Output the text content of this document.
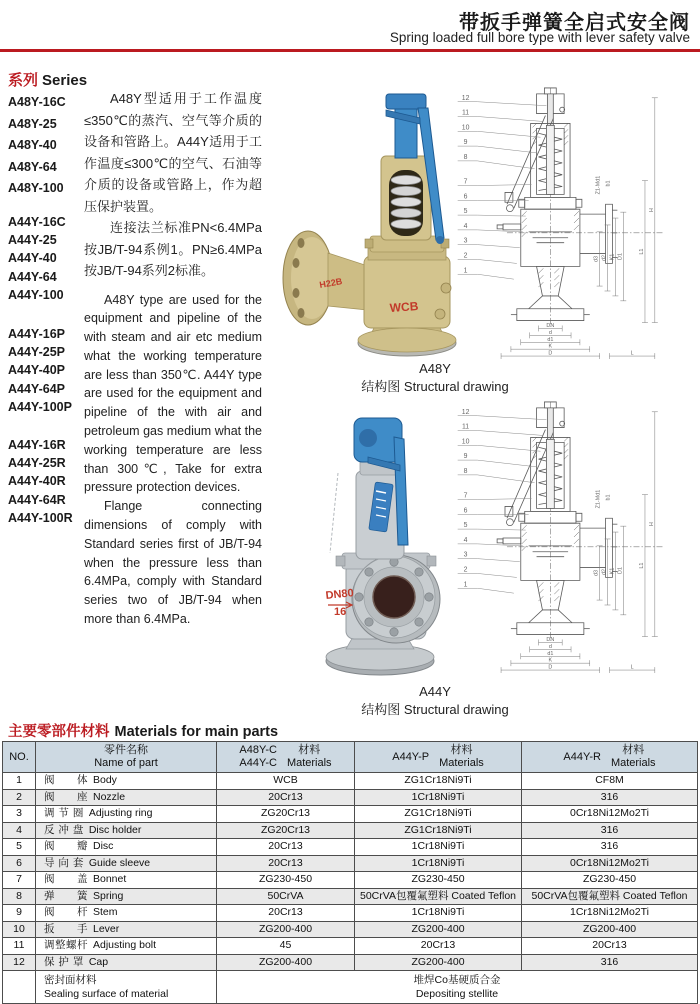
带扳手弹簧全启式安全阀
Spring loaded full bore type with lever safety valve
系列 Series
A48Y-16C
A48Y-25
A48Y-40
A48Y-64
A48Y-100
A44Y-16C
A44Y-25
A44Y-40
A44Y-64
A44Y-100
A44Y-16P
A44Y-25P
A44Y-40P
A44Y-64P
A44Y-100P
A44Y-16R
A44Y-25R
A44Y-40R
A44Y-64R
A44Y-100R

A48Y型适用于工作温度≤350℃的蒸汽、空气等介质的设备和管路上。A44Y适用于工作温度≤300℃的空气、石油等介质的设备或管路上，作为超压保护装置。

连接法兰标准PN<6.4MPa按JB/T-94系例1。PN≥6.4MPa按JB/T-94系列2标准。

A48Y type are used for the equipment and pipeline of the with steam and air etc medium what the working temperature are less than 350℃. A44Y type are used for the equipment and pipeline of the with air and petroleum gas medium what the working temperature are less than 300℃, Take for extra pressure protection devices.

Flange connecting dimensions of comply with Standard series first of JB/T-94 when the pressure less than 6.4MPa, comply with Standard series two of JB/T-94 when more than 6.4MPa.

H22B
WCB
12
11
10
9
8
7
6
5
4
3
2
1
d3 d2 K1 D1
L1
H
DN
d
d1
K
D	L
Z1-Md1 b1
A48Y
结构图 Structural drawing
DN80
16
12
11
10
9
8
7
6
5
4
3
2
1
d3 d2 K1 D1
L1
H
DN
d
d1
K
D	L
Z1-Md1 b1
A44Y
结构图 Structural drawing
主要零部件材料 Materials for main parts
NO.	
零件名称
Name of part

A48Y-C
A44Y-C
材料
Materials

A44Y-P
材料
Materials

A44Y-R
材料
Materials

1	阀　　体 Body	WCB	ZG1Cr18Ni9Ti	CF8M
2	阀　　座 Nozzle	20Cr13	1Cr18Ni9Ti	316
3	调 节 圈 Adjusting ring	ZG20Cr13	ZG1Cr18Ni9Ti	0Cr18Ni12Mo2Ti
4	反 冲 盘 Disc holder	ZG20Cr13	ZG1Cr18Ni9Ti	316
5	阀　　瓣 Disc	20Cr13	1Cr18Ni9Ti	316
6	导 向 套 Guide sleeve	20Cr13	1Cr18Ni9Ti	0Cr18Ni12Mo2Ti
7	阀　　盖 Bonnet	ZG230-450	ZG230-450	ZG230-450
8	弹　　簧 Spring	50CrVA	50CrVA包覆氟塑料 Coated Teflon	50CrVA包覆氟塑料 Coated Teflon
9	阀　　杆 Stem	20Cr13	1Cr18Ni9Ti	1Cr18Ni12Mo2Ti
10	扳　　手 Lever	ZG200-400	ZG200-400	ZG200-400
11	调整螺杆 Adjusting bolt	45	20Cr13	20Cr13
12	保 护 罩 Cap	ZG200-400	ZG200-400	316

密封面材料
Sealing surface of material

堆焊Co基硬质合金
Depositing stellite
